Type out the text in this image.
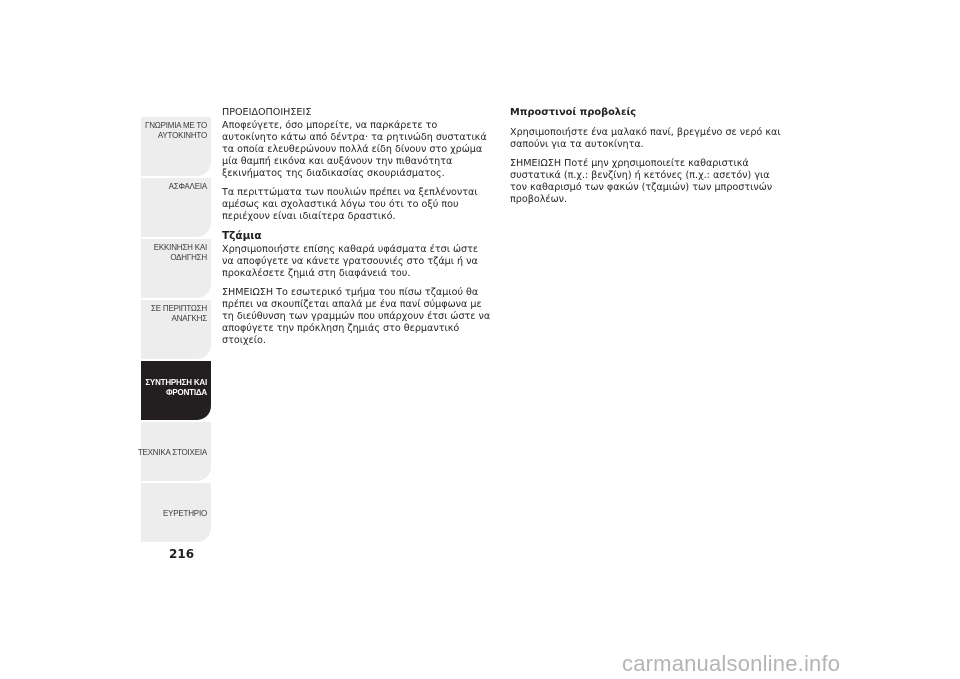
ΓΝΩΡΙΜΙΑ ΜΕ ΤΟ
ΑΥΤΟΚΙΝΗΤΟ
ΑΣΦΑΛΕΙΑ
ΕΚΚΙΝΗΣΗ ΚΑΙ
ΟΔΗΓΗΣΗ
ΣΕ ΠΕΡΙΠΤΩΣΗ
ΑΝΑΓΚΗΣ
ΣΥΝΤΗΡΗΣΗ ΚΑΙ
ΦΡΟΝΤΙΔΑ
ΤΕΧΝΙΚΑ ΣΤΟΙΧΕΙΑ
ΕΥΡΕΤΗΡΙΟ
216

ΠΡΟΕΙΔΟΠΟΙΗΣΕΙΣ

Αποφεύγετε, όσο μπορείτε, να παρκάρετε το αυτοκίνητο κάτω από δέντρα· τα ρητινώδη συστατικά τα οποία ελευθερώνουν πολλά είδη δίνουν στο χρώμα μία θαμπή εικόνα και αυξάνουν την πιθανότητα ξεκινήματος της διαδικασίας σκουριάσματος.

Τα περιττώματα των πουλιών πρέπει να ξεπλένονται αμέσως και σχολαστικά λόγω του ότι το οξύ που περιέχουν είναι ιδιαίτερα δραστικό.

Τζάμια

Χρησιμοποιήστε επίσης καθαρά υφάσματα έτσι ώστε να αποφύγετε να κάνετε γρατσουνιές στο τζάμι ή να προκαλέσετε ζημιά στη διαφάνειά του.

ΣΗΜΕΙΩΣΗ Το εσωτερικό τμήμα του πίσω τζαμιού θα πρέπει να σκουπίζεται απαλά με ένα πανί σύμφωνα με τη διεύθυνση των γραμμών που υπάρχουν έτσι ώστε να αποφύγετε την πρόκληση ζημιάς στο θερμαντικό στοιχείο.

Μπροστινοί προβολείς

Χρησιμοποιήστε ένα μαλακό πανί, βρεγμένο σε νερό και σαπούνι για τα αυτοκίνητα.

ΣΗΜΕΙΩΣΗ Ποτέ μην χρησιμοποιείτε καθαριστικά συστατικά (π.χ.: βενζίνη) ή κετόνες (π.χ.: ασετόν) για τον καθαρισμό των φακών (τζαμιών) των μπροστινών προβολέων.

carmanualsonline.info
